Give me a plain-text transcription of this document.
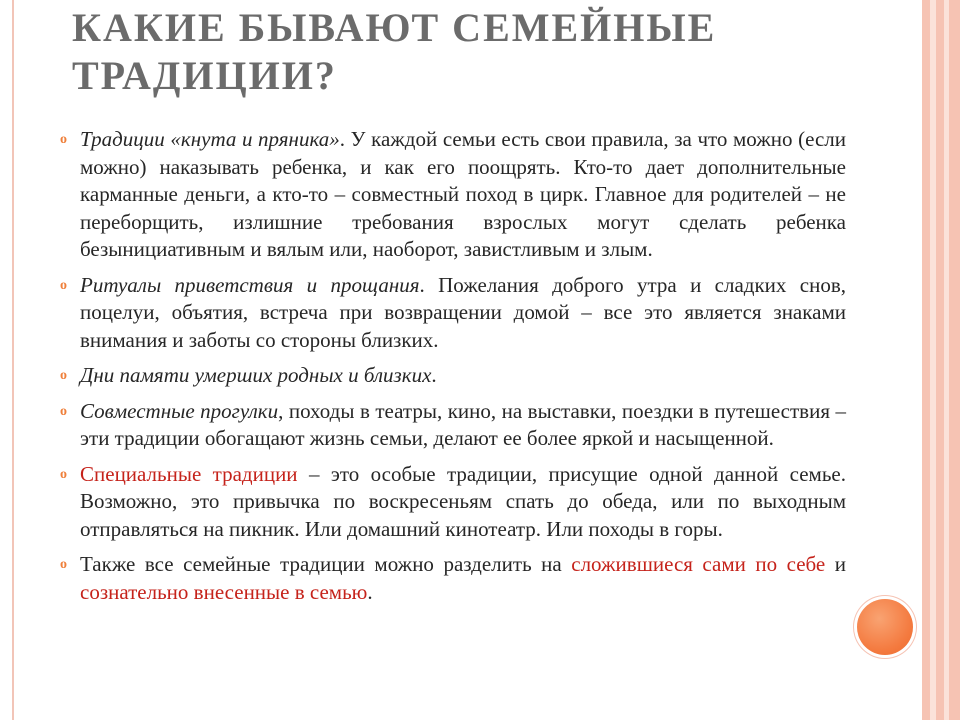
КАКИЕ БЫВАЮТ СЕМЕЙНЫЕ
ТРАДИЦИИ?
o Традиции «кнута и пряника». У каждой семьи есть свои правила, за что можно (если можно) наказывать ребенка, и как его поощрять. Кто-то дает дополнительные карманные деньги, а кто-то – совместный поход в цирк. Главное для родителей – не переборщить, излишние требования взрослых могут сделать ребенка безынициативным и вялым или, наоборот, завистливым и злым.
o Ритуалы приветствия и прощания. Пожелания доброго утра и сладких снов, поцелуи, объятия, встреча при возвращении домой – все это является знаками внимания и заботы со стороны близких.
o Дни памяти умерших родных и близких.
o Совместные прогулки, походы в театры, кино, на выставки, поездки в путешествия – эти традиции обогащают жизнь семьи, делают ее более яркой и насыщенной.
o Специальные традиции – это особые традиции, присущие одной данной семье. Возможно, это привычка по воскресеньям спать до обеда, или по выходным отправляться на пикник. Или домашний кинотеатр. Или походы в горы.
o Также все семейные традиции можно разделить на сложившиеся сами по себе и сознательно внесенные в семью.
